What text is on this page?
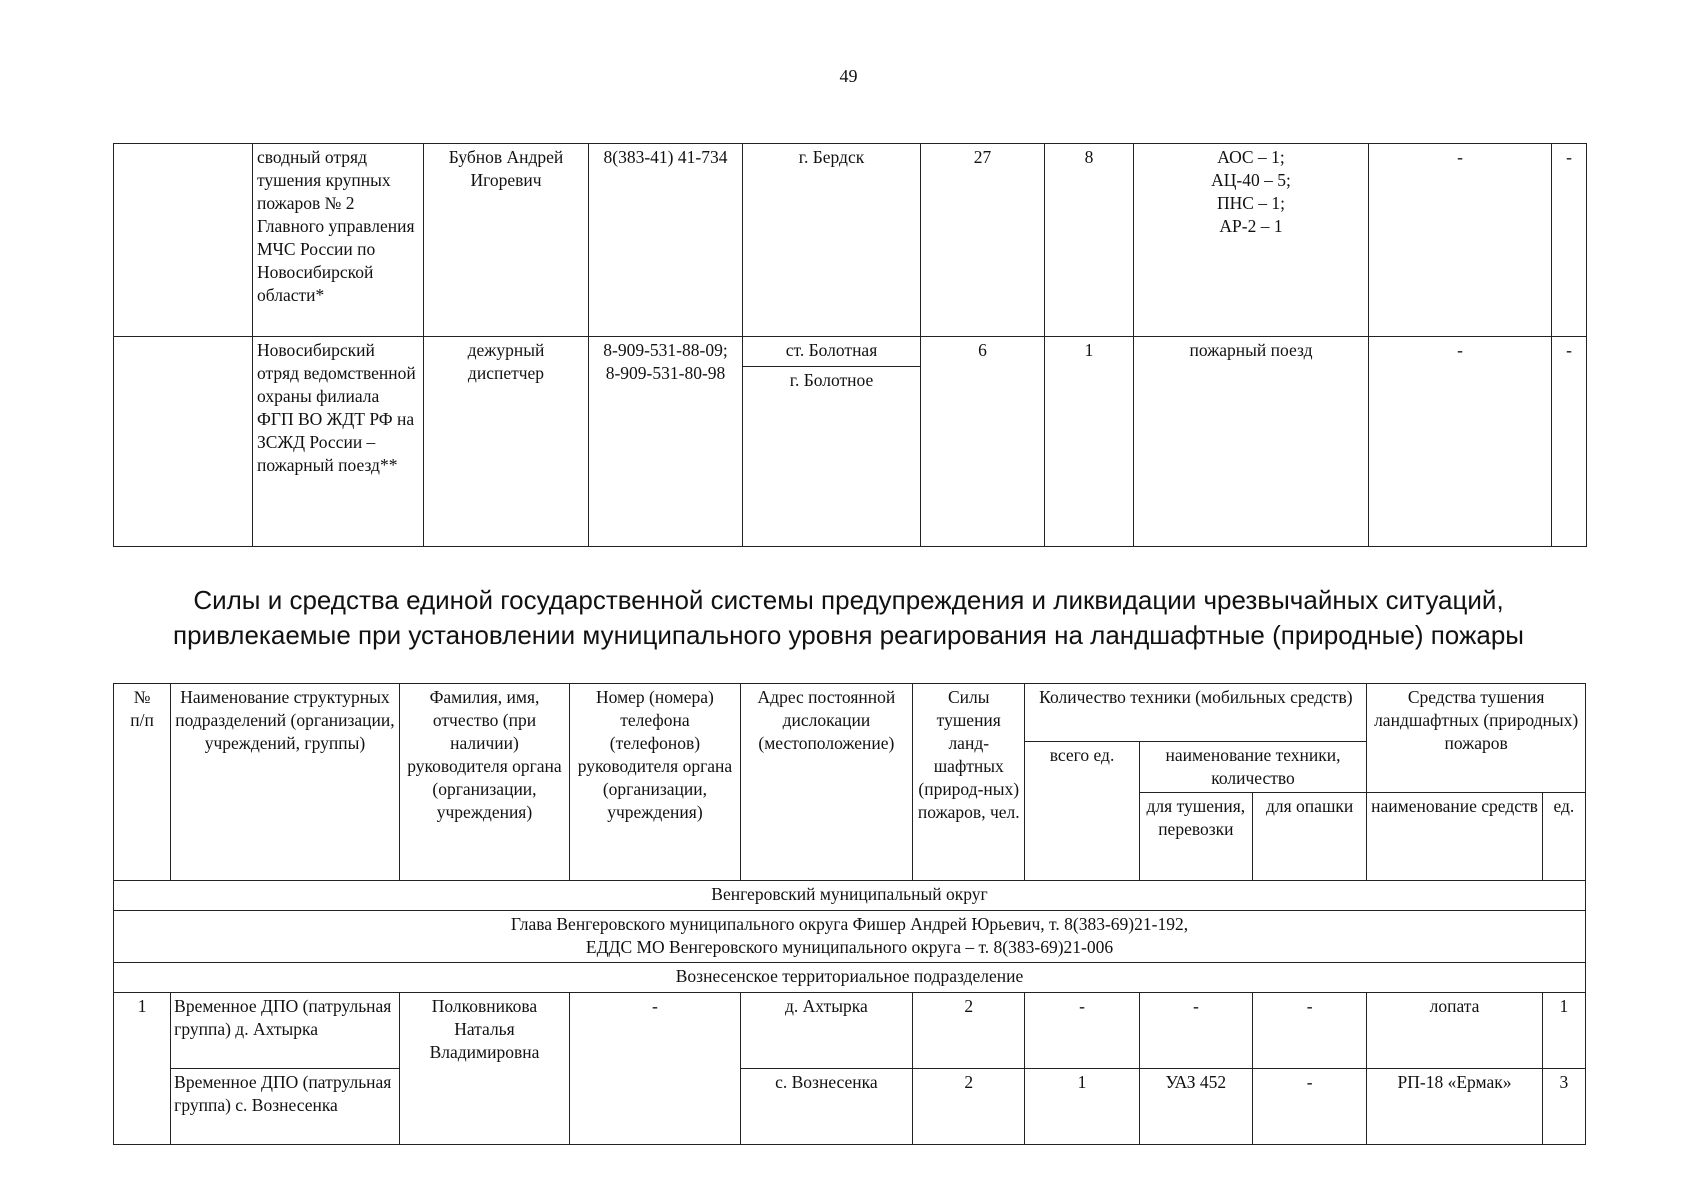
49
	сводный отряд тушения крупных пожаров № 2 Главного управления МЧС России по Новосибирской области*	Бубнов Андрей Игоревич	8(383-41) 41-734	г. Бердск	27	8	АОС – 1;
АЦ-40 – 5;
ПНС – 1;
АР-2 – 1	-	-
	Новосибирский отряд ведомственной охраны филиала ФГП ВО ЖДТ РФ на ЗСЖД России – пожарный поезд**	дежурный диспетчер	8-909-531-88-09;
8-909-531-80-98	ст. Болотная	6	1	пожарный поезд	-	-
				г. Болотное					
Силы и средства единой государственной системы предупреждения и ликвидации чрезвычайных ситуаций,
привлекаемые при установлении муниципального уровня реагирования на ландшафтные (природные) пожары
№
п/п	Наименование структурных подразделений (организации, учреждений, группы)	Фамилия, имя, отчество (при наличии) руководителя органа (организации, учреждения)	Номер (номера) телефона (телефонов) руководителя органа (организации, учреждения)	Адрес постоянной дислокации (местоположение)	Силы тушения ланд-шафтных (природ-ных) пожаров, чел.	Количество техники (мобильных средств)			Средства тушения ландшафтных (природных) пожаров	
						всего ед.	наименование техники, количество			
							для тушения, перевозки	для опашки	наименование средств	ед.
Венгеровский муниципальный округ										
Глава Венгеровского муниципального округа Фишер Андрей Юрьевич, т. 8(383-69)21-192,
ЕДДС МО Венгеровского муниципального округа – т. 8(383-69)21-006										
Вознесенское территориальное подразделение										
1	Временное ДПО (патрульная группа) д. Ахтырка	Полковникова Наталья Владимировна	-	д. Ахтырка	2	-	-	-	лопата	1
	Временное ДПО (патрульная группа) с. Вознесенка			с. Вознесенка	2	1	УАЗ 452	-	РП-18 «Ермак»	3
